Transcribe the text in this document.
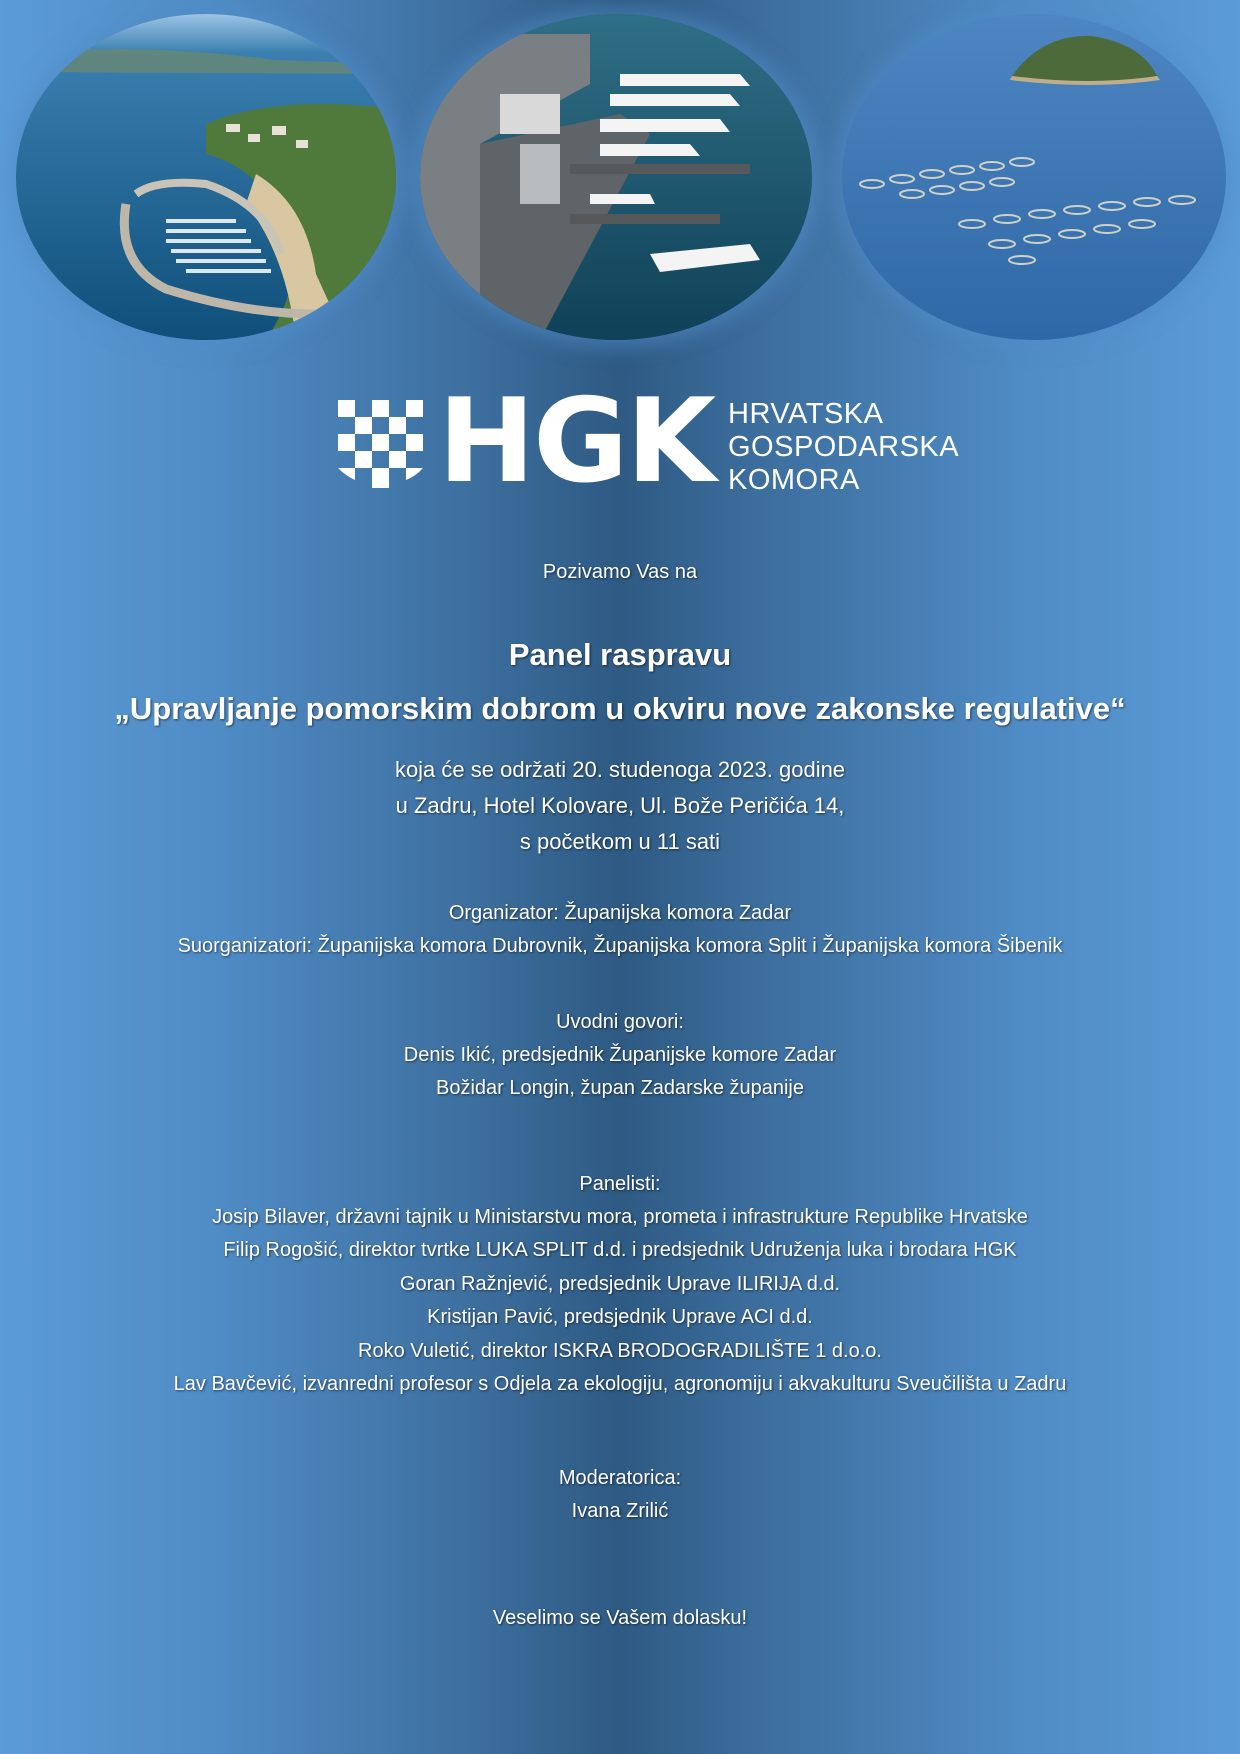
HGK HRVATSKA
GOSPODARSKA
KOMORA
Pozivamo Vas na
Panel raspravu
„Upravljanje pomorskim dobrom u okviru nove zakonske regulative“
koja će se održati 20. studenoga 2023. godine
u Zadru, Hotel Kolovare, Ul. Bože Peričića 14,
s početkom u 11 sati
Organizator: Županijska komora Zadar
Suorganizatori: Županijska komora Dubrovnik, Županijska komora Split i Županijska komora Šibenik
Uvodni govori:
Denis Ikić, predsjednik Županijske komore Zadar
Božidar Longin, župan Zadarske županije
Panelisti:
Josip Bilaver, državni tajnik u Ministarstvu mora, prometa i infrastrukture Republike Hrvatske
Filip Rogošić, direktor tvrtke LUKA SPLIT d.d. i predsjednik Udruženja luka i brodara HGK
Goran Ražnjević, predsjednik Uprave ILIRIJA d.d.
Kristijan Pavić, predsjednik Uprave ACI d.d.
Roko Vuletić, direktor ISKRA BRODOGRADILIŠTE 1 d.o.o.
Lav Bavčević, izvanredni profesor s Odjela za ekologiju, agronomiju i akvakulturu Sveučilišta u Zadru
Moderatorica:
Ivana Zrilić
Veselimo se Vašem dolasku!
